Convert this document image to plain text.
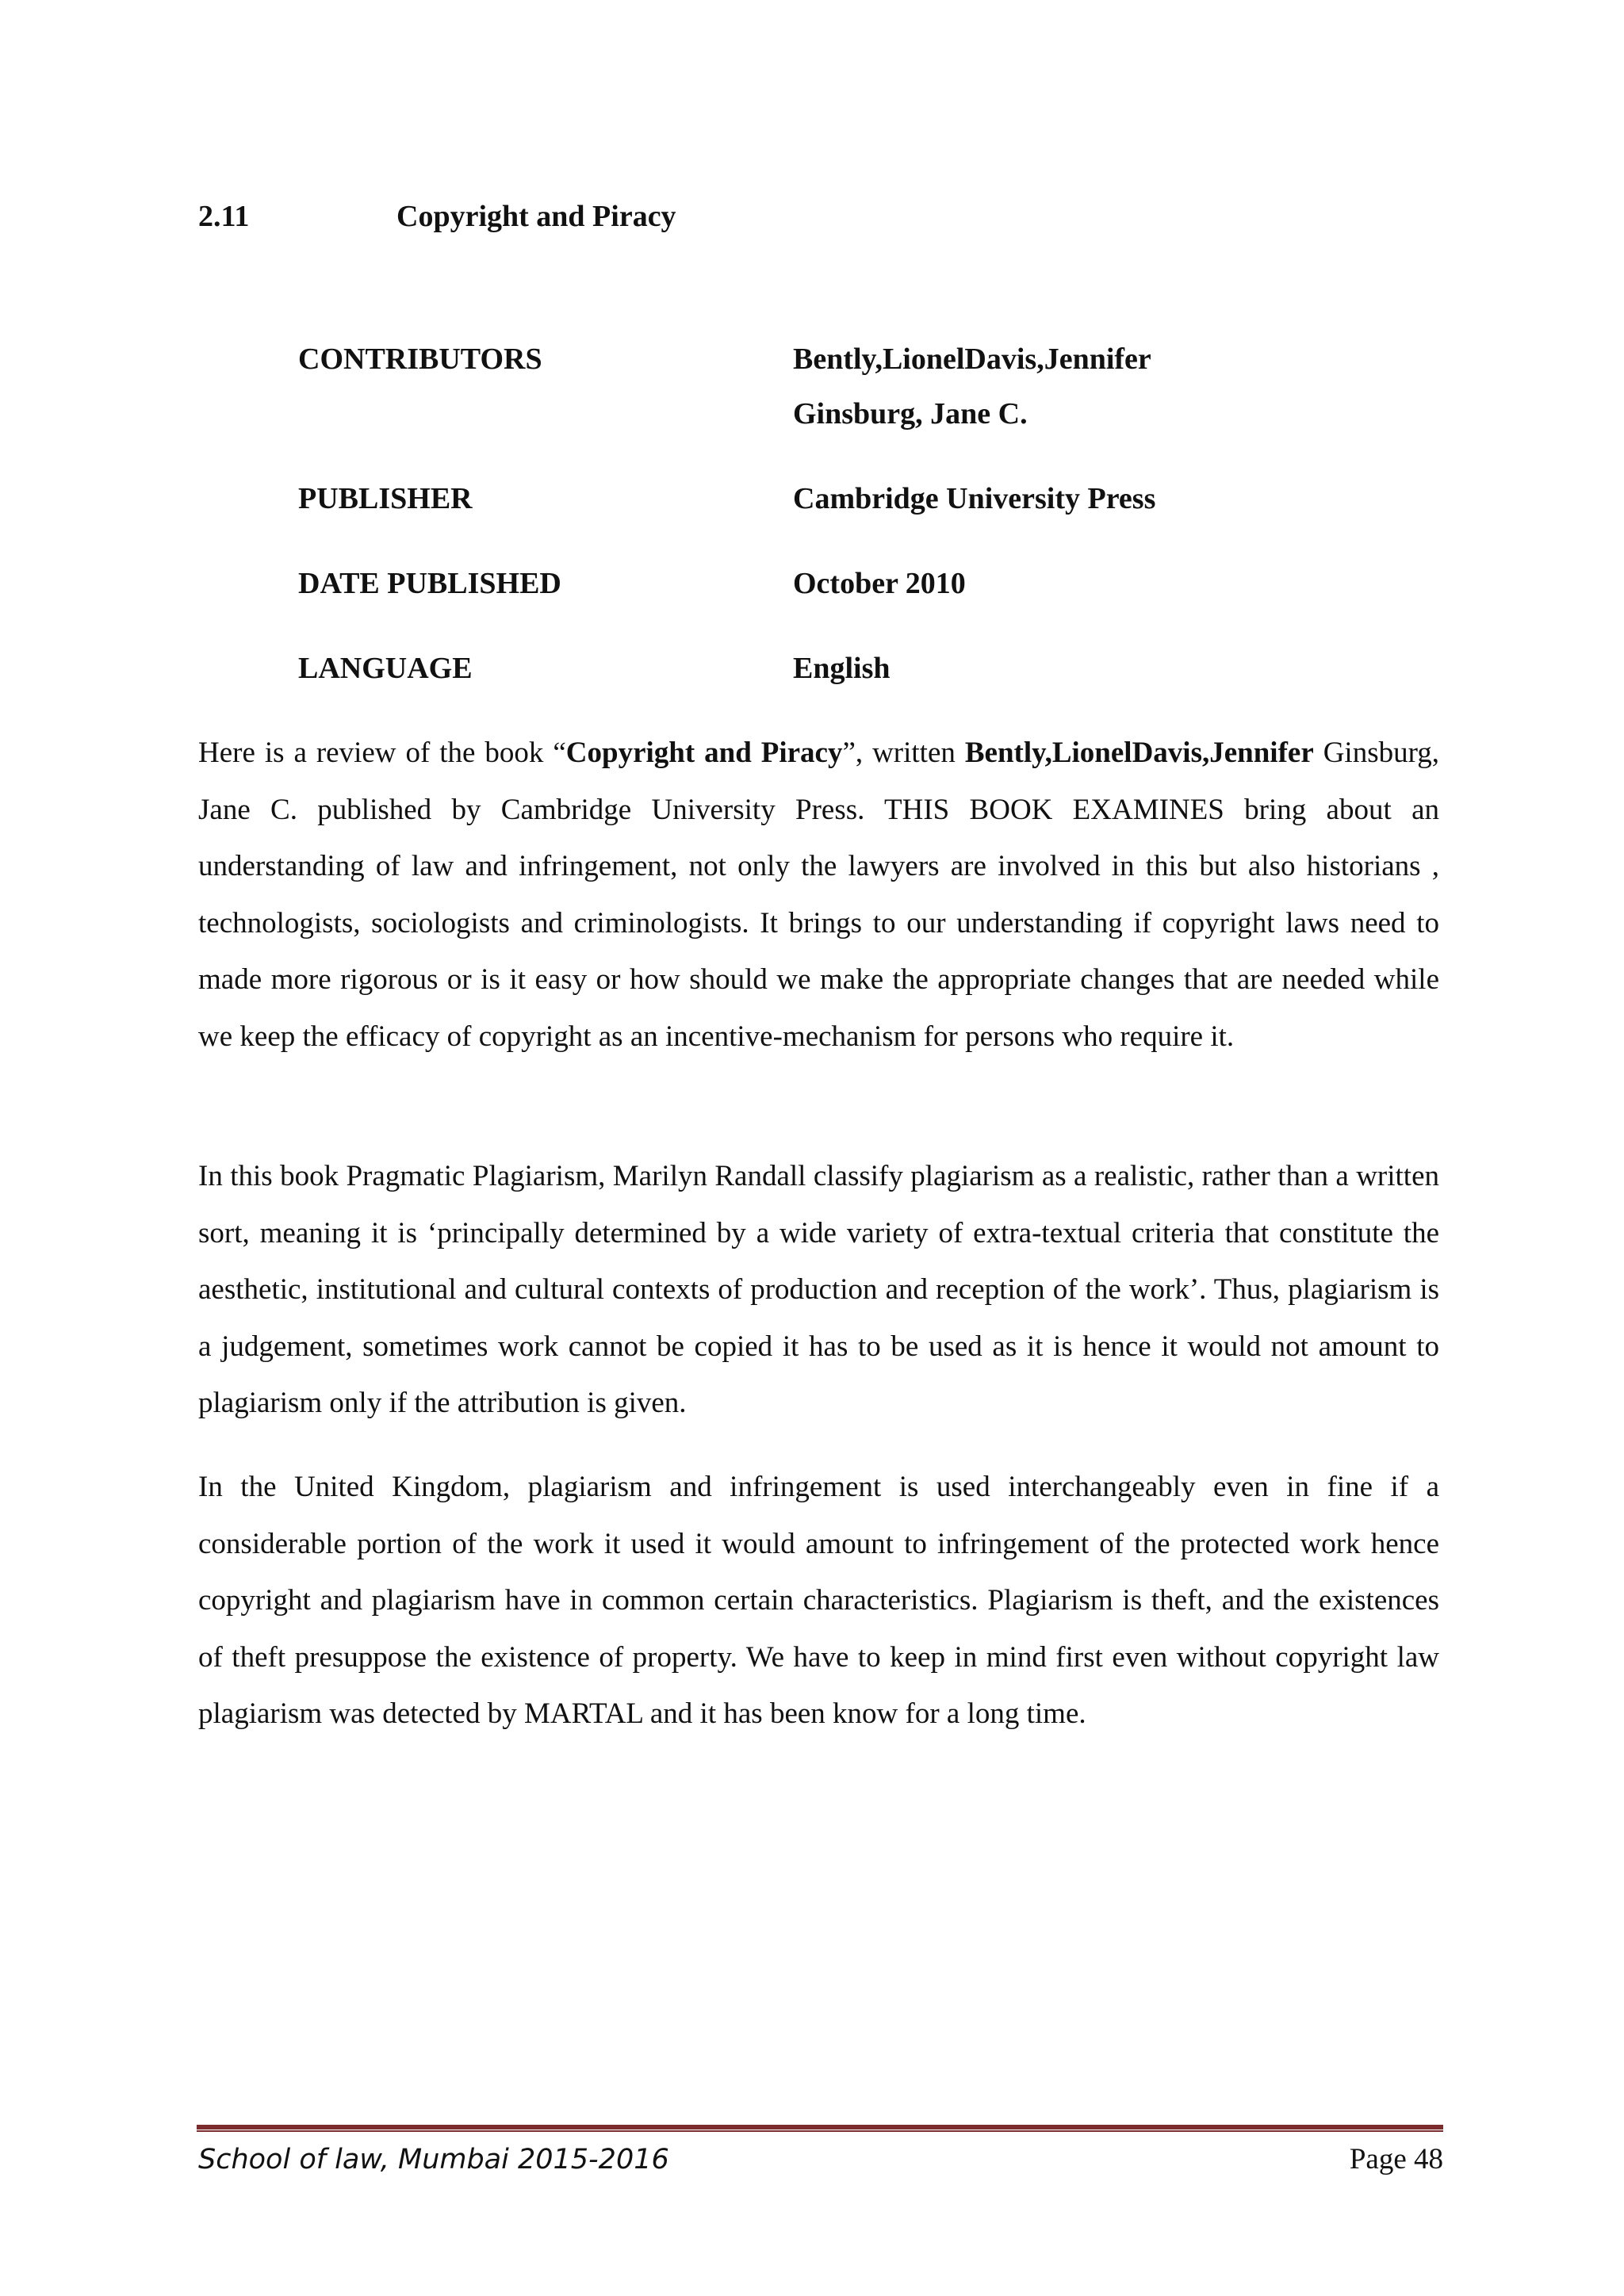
2.11	Copyright and Piracy
CONTRIBUTORS	Bently,LionelDavis,Jennifer
Ginsburg, Jane C.
PUBLISHER	Cambridge University Press
DATE PUBLISHED	October 2010
LANGUAGE	English

Here is a review of the book “Copyright and Piracy”, written Bently,LionelDavis,Jennifer Ginsburg, Jane C. published by Cambridge University Press. THIS BOOK EXAMINES bring about an understanding of law and infringement, not only the lawyers are involved in this but also historians , technologists, sociologists and criminologists. It brings to our understanding if copyright laws need to made more rigorous or is it easy or how should we make the appropriate changes that are needed while we keep the efficacy of copyright as an incentive-mechanism for persons who require it.

In this book Pragmatic Plagiarism, Marilyn Randall classify plagiarism as a realistic, rather than a written sort, meaning it is ‘principally determined by a wide variety of extra-textual criteria that constitute the aesthetic, institutional and cultural contexts of production and reception of the work’. Thus, plagiarism is a judgement, sometimes work cannot be copied it has to be used as it is hence it would not amount to plagiarism only if the attribution is given.

In the United Kingdom, plagiarism and infringement is used interchangeably even in fine if a considerable portion of the work it used it would amount to infringement of the protected work hence copyright and plagiarism have in common certain characteristics. Plagiarism is theft, and the existences of theft presuppose the existence of property. We have to keep in mind first even without copyright law plagiarism was detected by MARTAL and it has been know for a long time.

School of law, Mumbai 2015-2016	Page 48
